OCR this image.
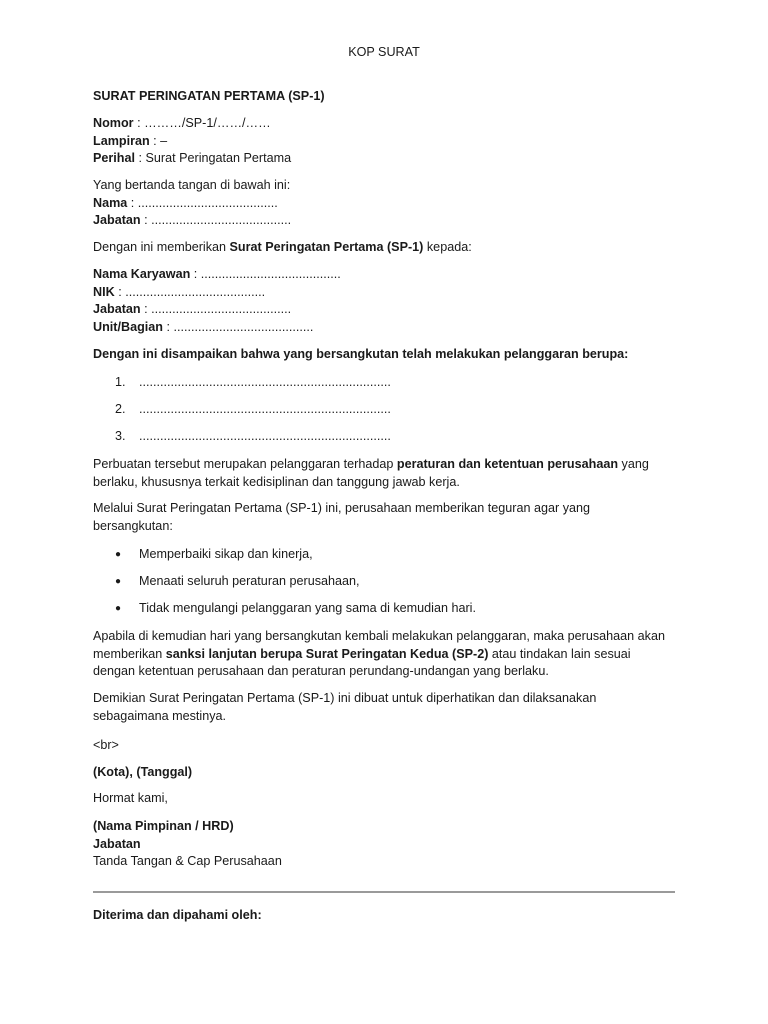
KOP SURAT

SURAT PERINGATAN PERTAMA (SP-1)

Nomor : ………/SP-1/……/……

Lampiran : –

Perihal : Surat Peringatan Pertama

Yang bertanda tangan di bawah ini:

Nama : ........................................

Jabatan : ........................................

Dengan ini memberikan Surat Peringatan Pertama (SP-1) kepada:

Nama Karyawan : ........................................

NIK : ........................................

Jabatan : ........................................

Unit/Bagian : ........................................

Dengan ini disampaikan bahwa yang bersangkutan telah melakukan pelanggaran berupa:

1. ........................................................................
2. ........................................................................
3. ........................................................................

Perbuatan tersebut merupakan pelanggaran terhadap peraturan dan ketentuan perusahaan yang berlaku, khususnya terkait kedisiplinan dan tanggung jawab kerja.

Melalui Surat Peringatan Pertama (SP-1) ini, perusahaan memberikan teguran agar yang bersangkutan:

● Memperbaiki sikap dan kinerja,
● Menaati seluruh peraturan perusahaan,
● Tidak mengulangi pelanggaran yang sama di kemudian hari.

Apabila di kemudian hari yang bersangkutan kembali melakukan pelanggaran, maka perusahaan akan memberikan sanksi lanjutan berupa Surat Peringatan Kedua (SP-2) atau tindakan lain sesuai dengan ketentuan perusahaan dan peraturan perundang-undangan yang berlaku.

Demikian Surat Peringatan Pertama (SP-1) ini dibuat untuk diperhatikan dan dilaksanakan sebagaimana mestinya.

<br>

(Kota), (Tanggal)

Hormat kami,

(Nama Pimpinan / HRD)

Jabatan

Tanda Tangan & Cap Perusahaan

Diterima dan dipahami oleh:
